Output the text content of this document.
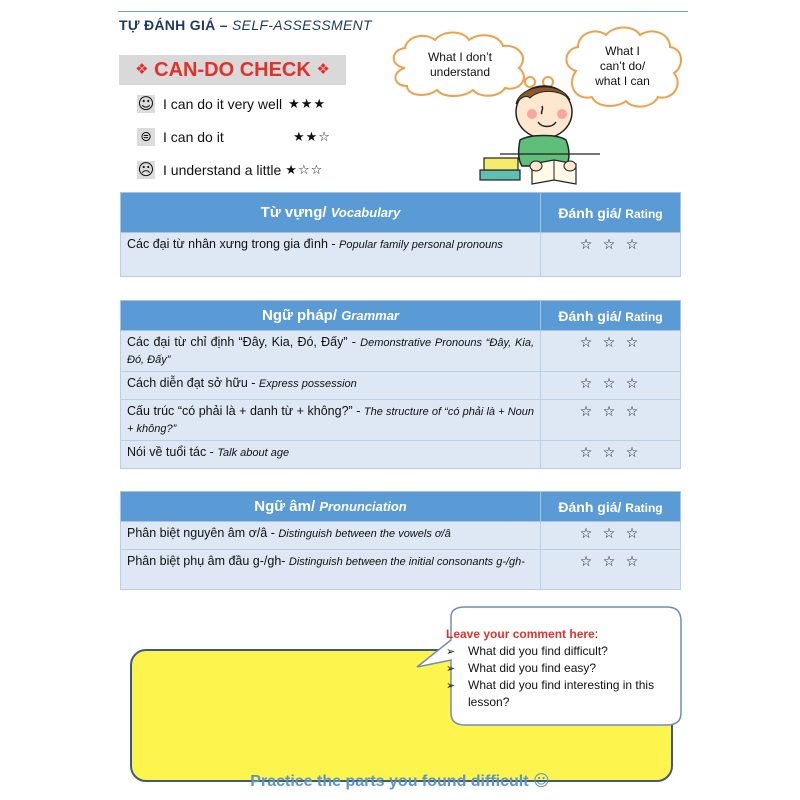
TỰ ĐÁNH GIÁ – SELF-ASSESSMENT
❖ CAN-DO CHECK ❖
☺ I can do it very well ★★★
⊜ I can do it	★★☆
☹ I understand a little ★☆☆
What I don’t
understand
What I
can’t do/
what I can
Từ vựng/ Vocabulary	Đánh giá/ Rating
Các đại từ nhân xưng trong gia đình - Popular family personal pronouns	☆ ☆ ☆
Ngữ pháp/ Grammar	Đánh giá/ Rating
Các đại từ chỉ định “Đây, Kia, Đó, Đấy” - Demonstrative Pronouns “Đây, Kia, Đó, Đấy”	☆ ☆ ☆
Cách diễn đạt sở hữu - Express possession	☆ ☆ ☆
Cấu trúc “có phải là + danh từ + không?” - The structure of “có phải là + Noun + không?”	☆ ☆ ☆
Nói về tuổi tác - Talk about age	☆ ☆ ☆
Ngữ âm/ Pronunciation	Đánh giá/ Rating
Phân biệt nguyên âm ơ/â - Distinguish between the vowels ơ/â	☆ ☆ ☆
Phân biệt phụ âm đầu g-/gh- Distinguish between the initial consonants g-/gh-	☆ ☆ ☆
Leave your comment here:
➢ What did you find difficult?
➢ What did you find easy?
➢ What did you find interesting in this lesson?
Practice the parts you found difficult ☺
